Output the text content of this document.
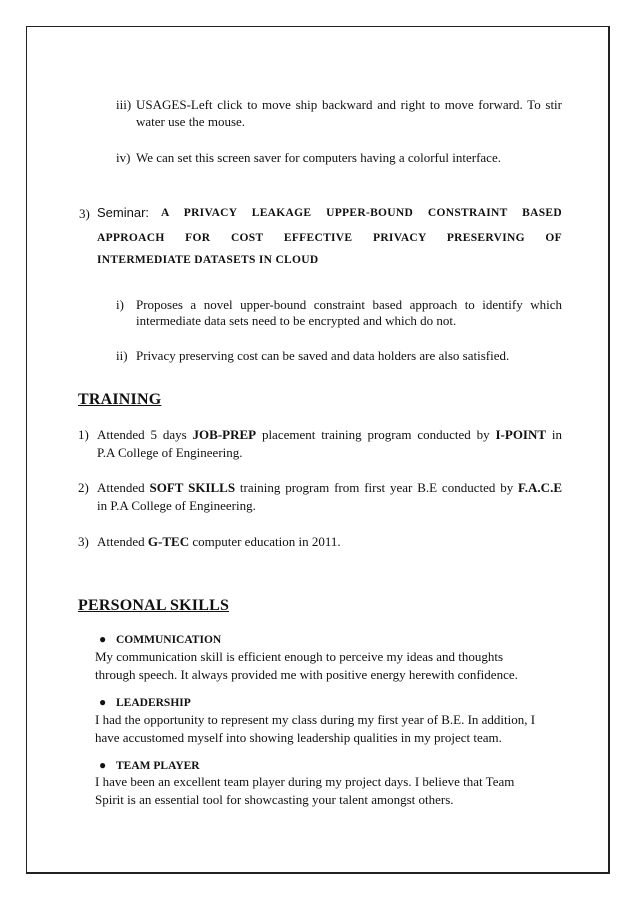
iii) USAGES-Left click to move ship backward and right to move forward. To stir
water use the mouse.
iv) We can set this screen saver for computers having a colorful interface.
3) Seminar: A PRIVACY LEAKAGE UPPER-BOUND CONSTRAINT BASED
APPROACH FOR COST EFFECTIVE PRIVACY PRESERVING OF
INTERMEDIATE DATASETS IN CLOUD
i) Proposes a novel upper-bound constraint based approach to identify which
intermediate data sets need to be encrypted and which do not.
ii) Privacy preserving cost can be saved and data holders are also satisfied.
TRAINING
1) Attended 5 days JOB-PREP placement training program conducted by I-POINT in
P.A College of Engineering.
2) Attended SOFT SKILLS training program from first year B.E conducted by F.A.C.E
in P.A College of Engineering.
3) Attended G-TEC computer education in 2011.
PERSONAL SKILLS
● COMMUNICATION
My communication skill is efficient enough to perceive my ideas and thoughts
through speech. It always provided me with positive energy herewith confidence.
● LEADERSHIP
I had the opportunity to represent my class during my first year of B.E. In addition, I
have accustomed myself into showing leadership qualities in my project team.
● TEAM PLAYER
I have been an excellent team player during my project days. I believe that Team
Spirit is an essential tool for showcasting your talent amongst others.
